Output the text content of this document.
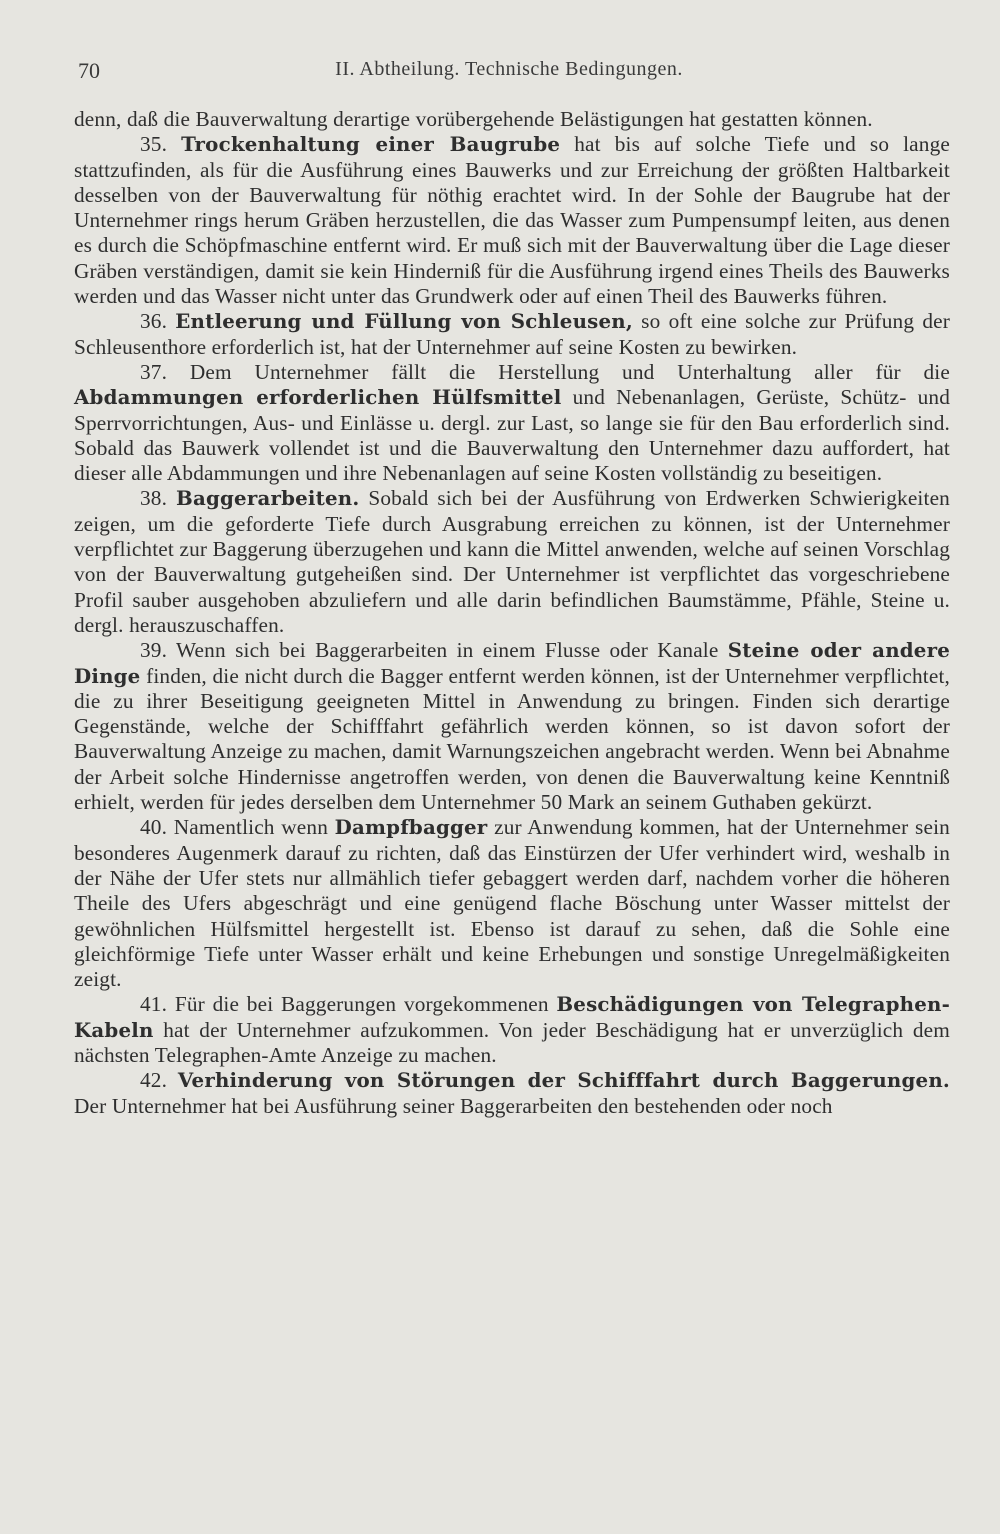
70	II. Abtheilung. Technische Bedingungen.

denn, daß die Bauverwaltung derartige vorübergehende Belästigungen hat gestatten können.

35. Trockenhaltung einer Baugrube hat bis auf solche Tiefe und so lange stattzufinden, als für die Ausführung eines Bauwerks und zur Erreichung der größten Haltbarkeit desselben von der Bauverwaltung für nöthig erachtet wird. In der Sohle der Baugrube hat der Unternehmer rings herum Gräben herzustellen, die das Wasser zum Pumpensumpf leiten, aus denen es durch die Schöpfmaschine entfernt wird. Er muß sich mit der Bauverwaltung über die Lage dieser Gräben verständigen, damit sie kein Hinderniß für die Ausführung irgend eines Theils des Bauwerks werden und das Wasser nicht unter das Grundwerk oder auf einen Theil des Bauwerks führen.

36. Entleerung und Füllung von Schleusen, so oft eine solche zur Prüfung der Schleusenthore erforderlich ist, hat der Unternehmer auf seine Kosten zu bewirken.

37. Dem Unternehmer fällt die Herstellung und Unterhaltung aller für die Abdammungen erforderlichen Hülfsmittel und Nebenanlagen, Gerüste, Schütz- und Sperrvorrichtungen, Aus- und Einlässe u. dergl. zur Last, so lange sie für den Bau erforderlich sind. Sobald das Bauwerk vollendet ist und die Bauverwaltung den Unternehmer dazu auffordert, hat dieser alle Abdammungen und ihre Nebenanlagen auf seine Kosten vollständig zu beseitigen.

38. Baggerarbeiten. Sobald sich bei der Ausführung von Erdwerken Schwierigkeiten zeigen, um die geforderte Tiefe durch Ausgrabung erreichen zu können, ist der Unternehmer verpflichtet zur Baggerung überzugehen und kann die Mittel anwenden, welche auf seinen Vorschlag von der Bauverwaltung gutgeheißen sind. Der Unternehmer ist verpflichtet das vorgeschriebene Profil sauber ausgehoben abzuliefern und alle darin befindlichen Baumstämme, Pfähle, Steine u. dergl. herauszuschaffen.

39. Wenn sich bei Baggerarbeiten in einem Flusse oder Kanale Steine oder andere Dinge finden, die nicht durch die Bagger entfernt werden können, ist der Unternehmer verpflichtet, die zu ihrer Beseitigung geeigneten Mittel in Anwendung zu bringen. Finden sich derartige Gegenstände, welche der Schifffahrt gefährlich werden können, so ist davon sofort der Bauverwaltung Anzeige zu machen, damit Warnungszeichen angebracht werden. Wenn bei Abnahme der Arbeit solche Hindernisse angetroffen werden, von denen die Bauverwaltung keine Kenntniß erhielt, werden für jedes derselben dem Unternehmer 50 Mark an seinem Guthaben gekürzt.

40. Namentlich wenn Dampfbagger zur Anwendung kommen, hat der Unternehmer sein besonderes Augenmerk darauf zu richten, daß das Einstürzen der Ufer verhindert wird, weshalb in der Nähe der Ufer stets nur allmählich tiefer gebaggert werden darf, nachdem vorher die höheren Theile des Ufers abgeschrägt und eine genügend flache Böschung unter Wasser mittelst der gewöhnlichen Hülfsmittel hergestellt ist. Ebenso ist darauf zu sehen, daß die Sohle eine gleichförmige Tiefe unter Wasser erhält und keine Erhebungen und sonstige Unregelmäßigkeiten zeigt.

41. Für die bei Baggerungen vorgekommenen Beschädigungen von Telegraphen-Kabeln hat der Unternehmer aufzukommen. Von jeder Beschädigung hat er unverzüglich dem nächsten Telegraphen-Amte Anzeige zu machen.

42. Verhinderung von Störungen der Schifffahrt durch Baggerungen. Der Unternehmer hat bei Ausführung seiner Baggerarbeiten den bestehenden oder noch
